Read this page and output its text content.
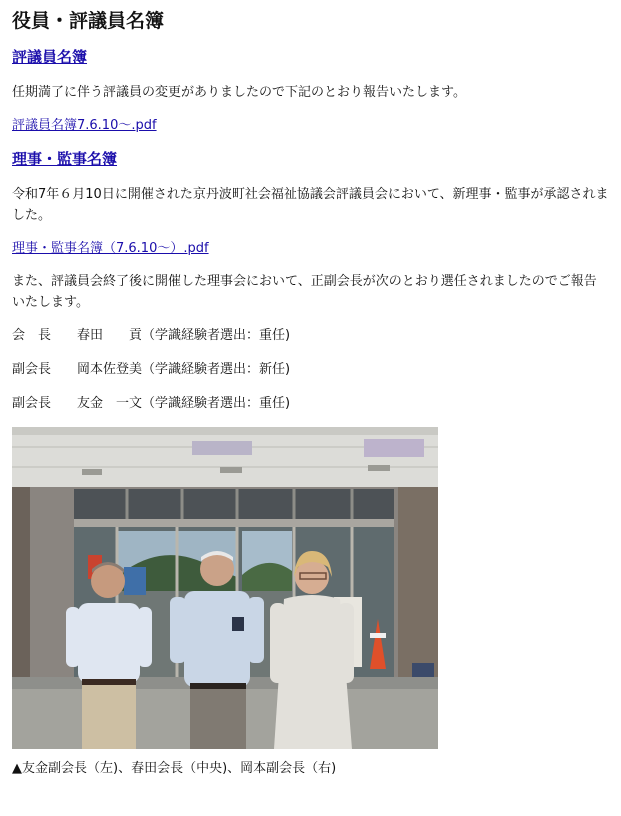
役員・評議員名簿
評議員名簿

任期満了に伴う評議員の変更がありましたので下記のとおり報告いたします。

評議員名簿7.6.10～.pdf

理事・監事名簿

令和7年６月10日に開催された京丹波町社会福祉協議会評議員会において、新理事・監事が承認されました。

理事・監事名簿（7.6.10～）.pdf

また、評議員会終了後に開催した理事会において、正副会長が次のとおり選任されましたのでご報告いたします。

会　長　　春田　　貢（学識経験者選出：重任)
副会長　　岡本佐登美（学識経験者選出：新任)
副会長　　友金　一文（学識経験者選出：重任)

▲友金副会長（左)、春田会長（中央)、岡本副会長（右)
